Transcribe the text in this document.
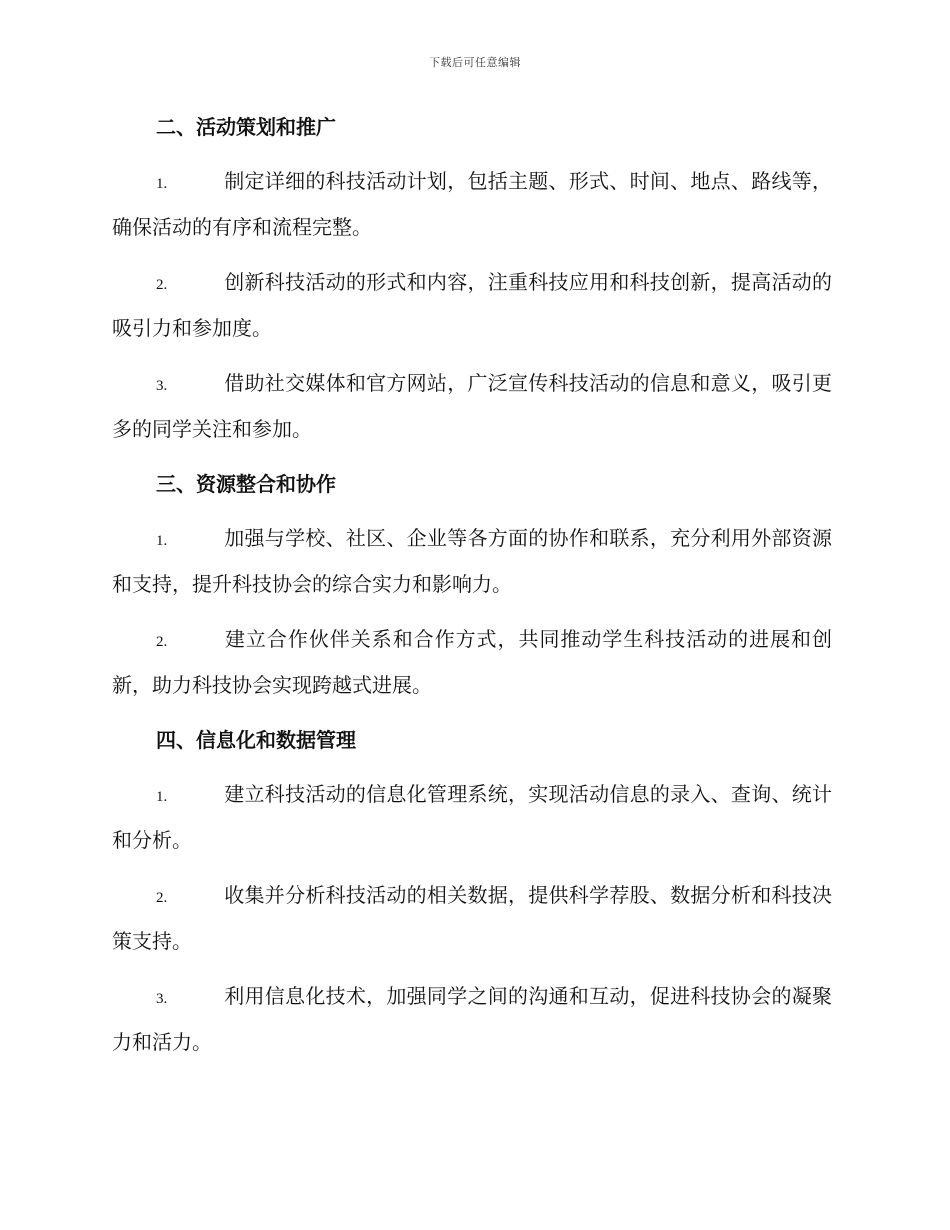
下载后可任意编辑
二、活动策划和推广

1.	制定详细的科技活动计划，包括主题、形式、时间、地点、路线等，确保活动的有序和流程完整。

2.	创新科技活动的形式和内容，注重科技应用和科技创新，提高活动的吸引力和参加度。

3.	借助社交媒体和官方网站，广泛宣传科技活动的信息和意义，吸引更多的同学关注和参加。

三、资源整合和协作

1.	加强与学校、社区、企业等各方面的协作和联系，充分利用外部资源和支持，提升科技协会的综合实力和影响力。

2.	建立合作伙伴关系和合作方式，共同推动学生科技活动的进展和创新，助力科技协会实现跨越式进展。

四、信息化和数据管理

1.	建立科技活动的信息化管理系统，实现活动信息的录入、查询、统计和分析。

2.	收集并分析科技活动的相关数据，提供科学荐股、数据分析和科技决策支持。

3.	利用信息化技术，加强同学之间的沟通和互动，促进科技协会的凝聚力和活力。
